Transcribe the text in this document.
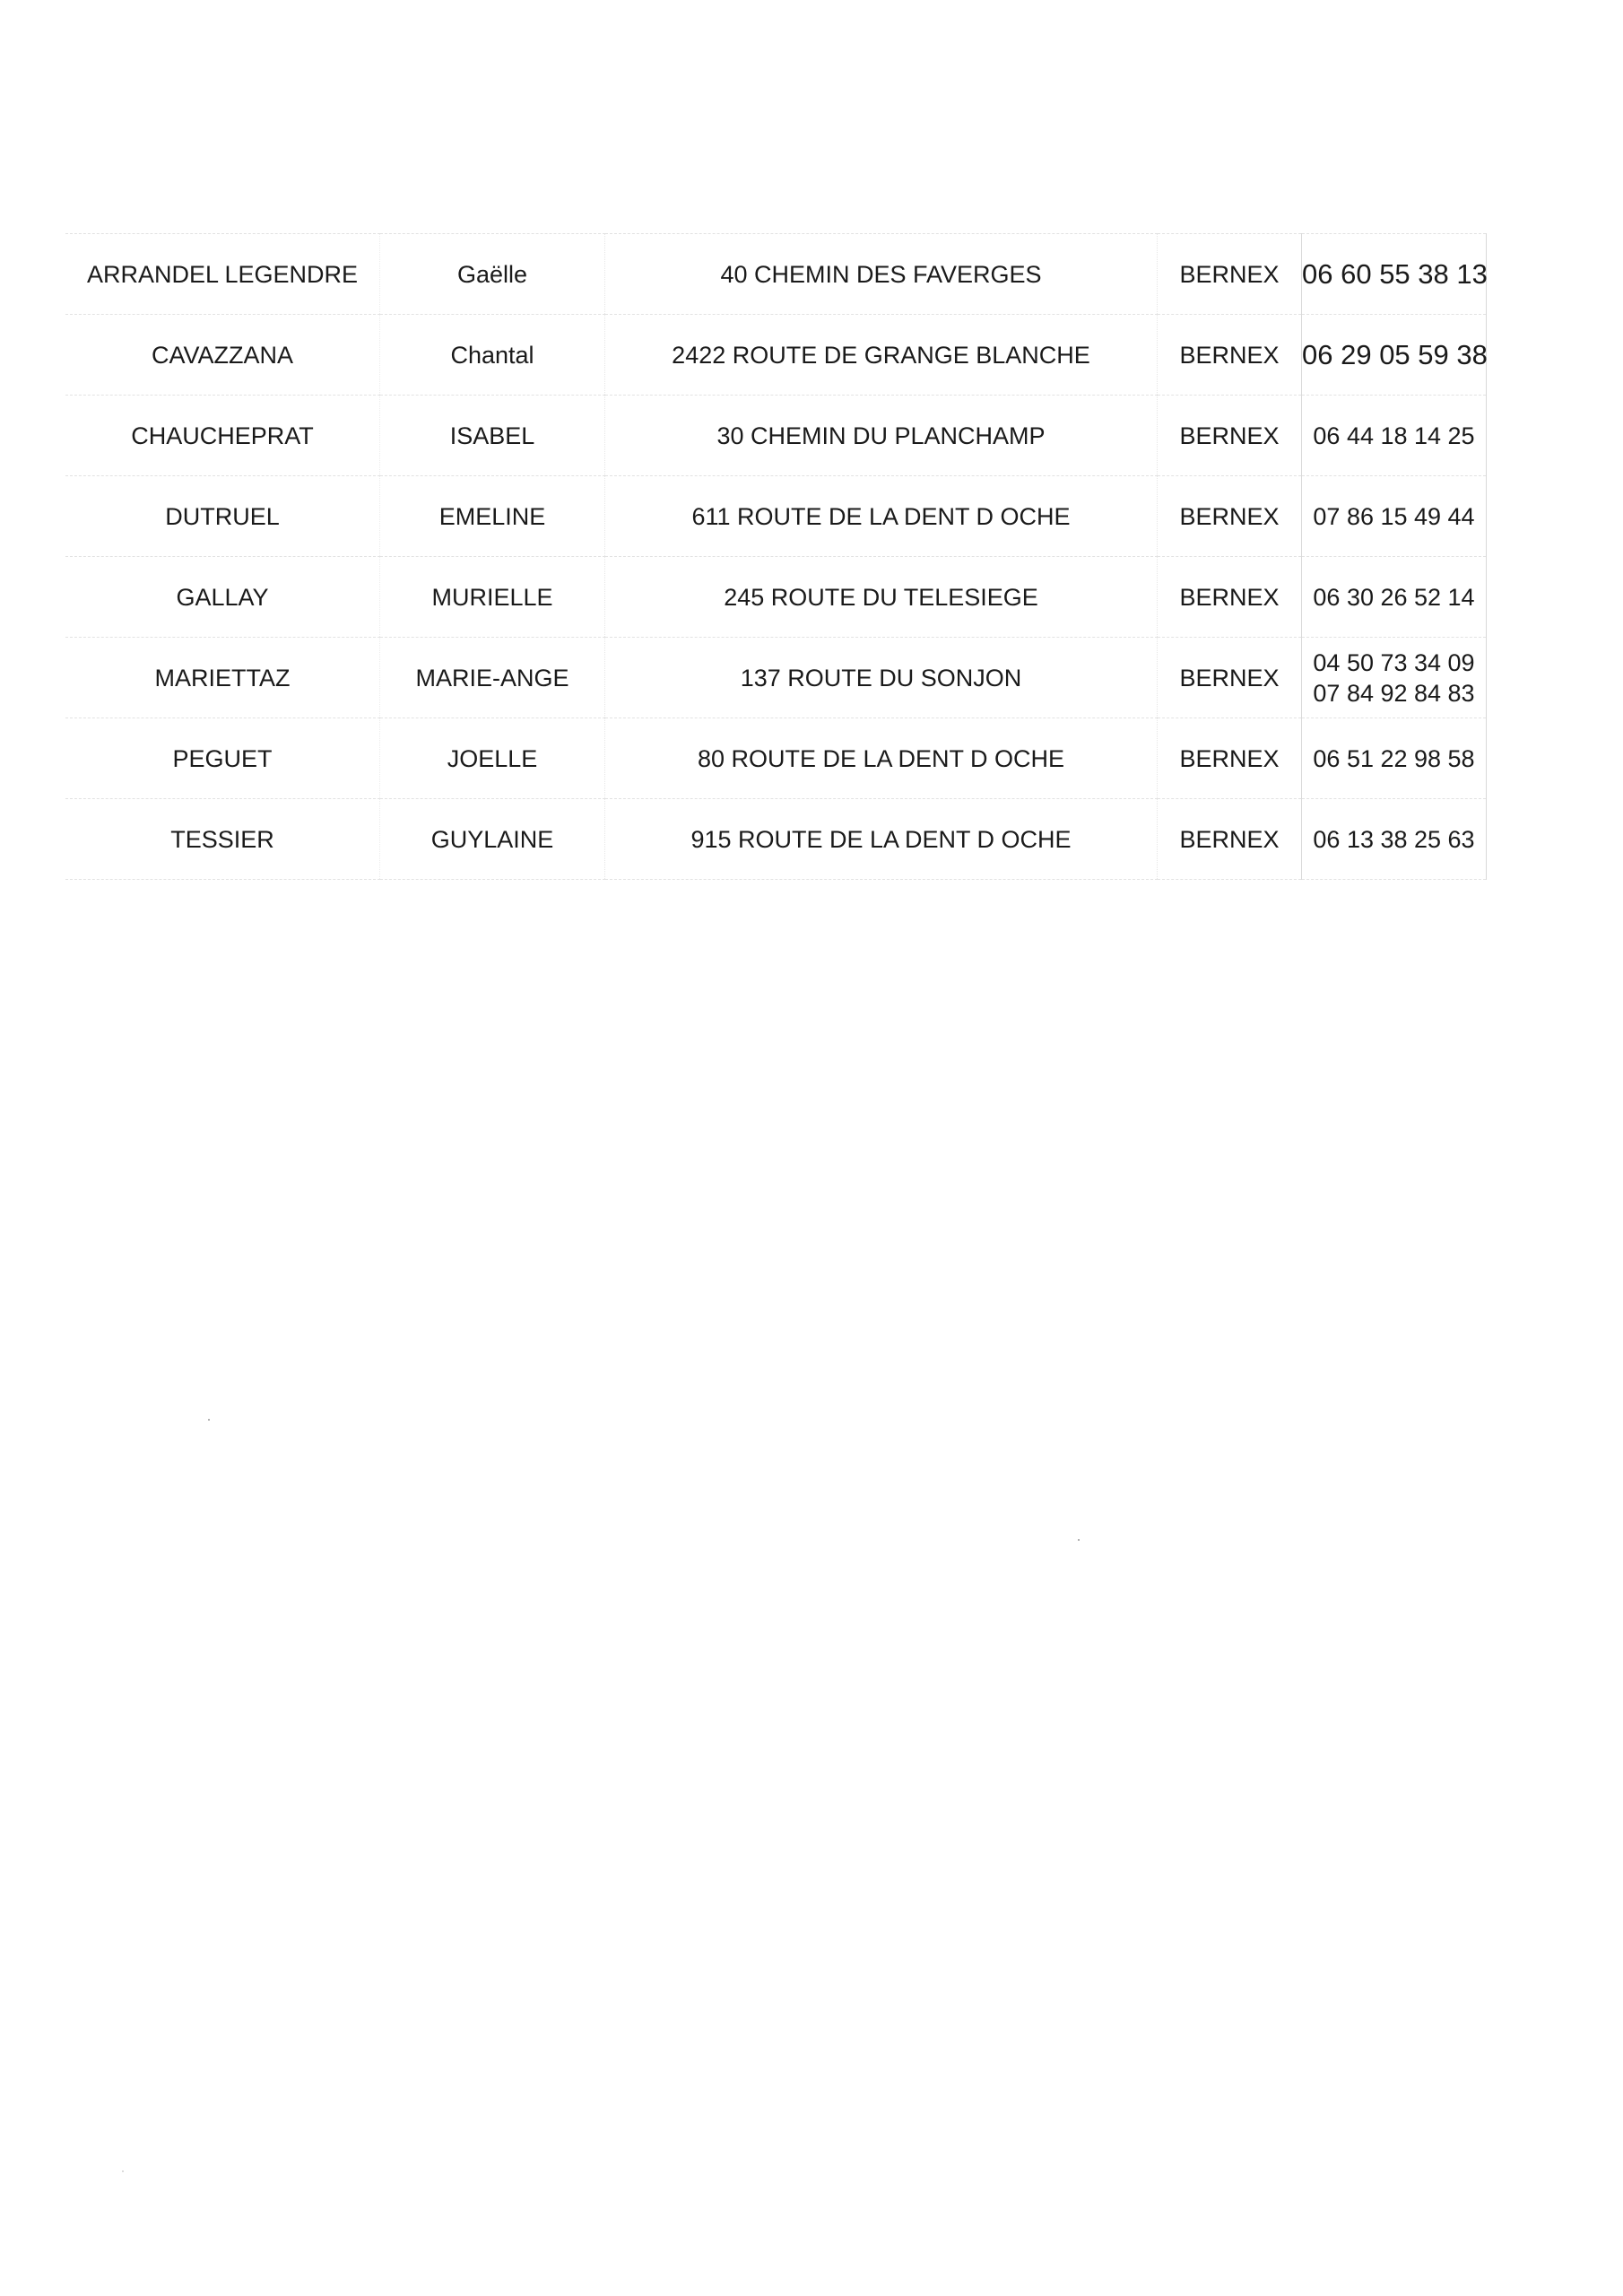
ARRANDEL LEGENDRE	Gaëlle	40 CHEMIN DES FAVERGES	BERNEX	06 60 55 38 13

CAVAZZANA	Chantal	2422 ROUTE DE GRANGE BLANCHE	BERNEX	06 29 05 59 38

CHAUCHEPRAT	ISABEL	30 CHEMIN DU PLANCHAMP	BERNEX	06 44 18 14 25

DUTRUEL	EMELINE	611 ROUTE DE LA DENT D OCHE	BERNEX	07 86 15 49 44

GALLAY	MURIELLE	245 ROUTE DU TELESIEGE	BERNEX	06 30 26 52 14

MARIETTAZ	MARIE-ANGE	137 ROUTE DU SONJON	BERNEX	04 50 73 34 09
07 84 92 84 83

PEGUET	JOELLE	80 ROUTE DE LA DENT D OCHE	BERNEX	06 51 22 98 58

TESSIER	GUYLAINE	915 ROUTE DE LA DENT D OCHE	BERNEX	06 13 38 25 63
